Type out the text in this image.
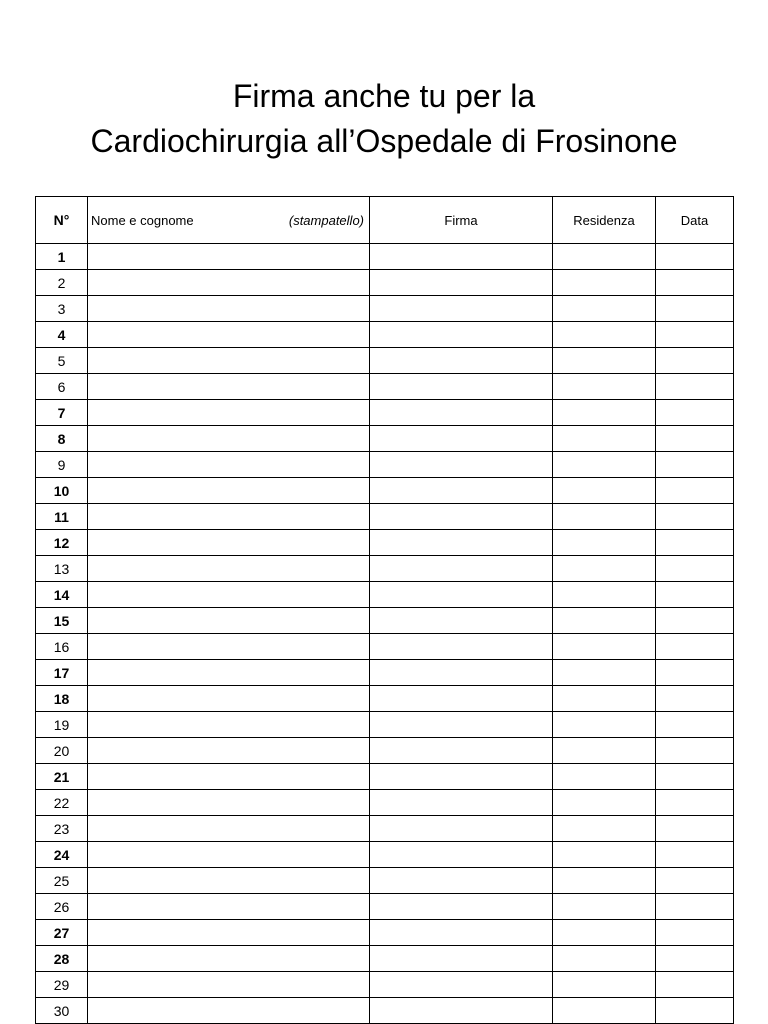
Firma anche tu per la
Cardiochirurgia all’Ospedale di Frosinone
N°	Nome e cognome (stampatello)	Firma	Residenza	Data
1				
2				
3				
4				
5				
6				
7				
8				
9				
10				
11				
12				
13				
14				
15				
16				
17				
18				
19				
20				
21				
22				
23				
24				
25				
26				
27				
28				
29				
30				
